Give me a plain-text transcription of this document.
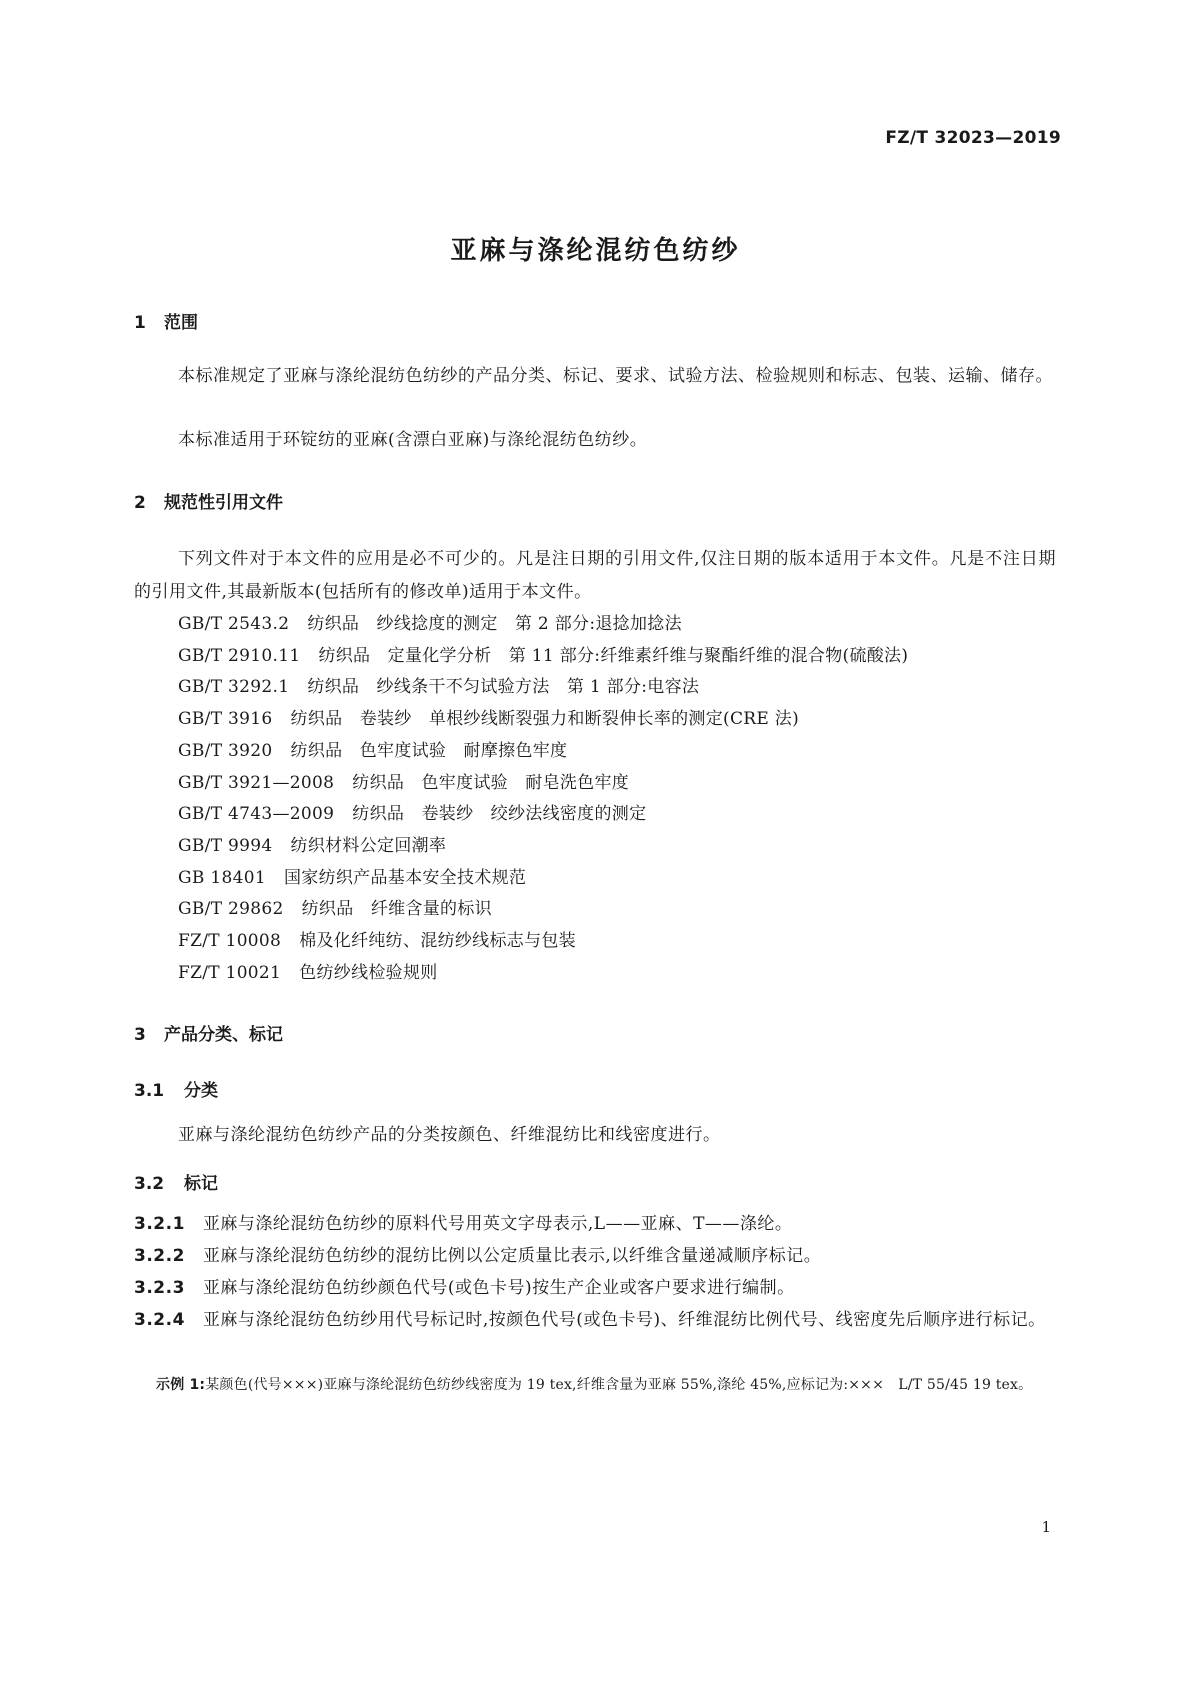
FZ/T 32023—2019
亚麻与涤纶混纺色纺纱
1 范围
本标准规定了亚麻与涤纶混纺色纺纱的产品分类、标记、要求、试验方法、检验规则和标志、包装、运输、储存。
本标准适用于环锭纺的亚麻(含漂白亚麻)与涤纶混纺色纺纱。
2 规范性引用文件
下列文件对于本文件的应用是必不可少的。凡是注日期的引用文件,仅注日期的版本适用于本文件。凡是不注日期的引用文件,其最新版本(包括所有的修改单)适用于本文件。
GB/T 2543.2 纺织品　纱线捻度的测定　第 2 部分:退捻加捻法
GB/T 2910.11 纺织品　定量化学分析　第 11 部分:纤维素纤维与聚酯纤维的混合物(硫酸法)
GB/T 3292.1 纺织品　纱线条干不匀试验方法　第 1 部分:电容法
GB/T 3916 纺织品　卷装纱　单根纱线断裂强力和断裂伸长率的测定(CRE 法)
GB/T 3920 纺织品　色牢度试验　耐摩擦色牢度
GB/T 3921—2008 纺织品　色牢度试验　耐皂洗色牢度
GB/T 4743—2009 纺织品　卷装纱　绞纱法线密度的测定
GB/T 9994 纺织材料公定回潮率
GB 18401 国家纺织产品基本安全技术规范
GB/T 29862 纺织品　纤维含量的标识
FZ/T 10008 棉及化纤纯纺、混纺纱线标志与包装
FZ/T 10021 色纺纱线检验规则
3 产品分类、标记
3.1 分类
亚麻与涤纶混纺色纺纱产品的分类按颜色、纤维混纺比和线密度进行。
3.2 标记
3.2.1 亚麻与涤纶混纺色纺纱的原料代号用英文字母表示,L——亚麻、T——涤纶。
3.2.2 亚麻与涤纶混纺色纺纱的混纺比例以公定质量比表示,以纤维含量递减顺序标记。
3.2.3 亚麻与涤纶混纺色纺纱颜色代号(或色卡号)按生产企业或客户要求进行编制。
3.2.4 亚麻与涤纶混纺色纺纱用代号标记时,按颜色代号(或色卡号)、纤维混纺比例代号、线密度先后顺序进行标记。
示例 1:某颜色(代号×××)亚麻与涤纶混纺色纺纱线密度为 19 tex,纤维含量为亚麻 55%,涤纶 45%,应标记为:×××　L/T 55/45 19 tex。
1
